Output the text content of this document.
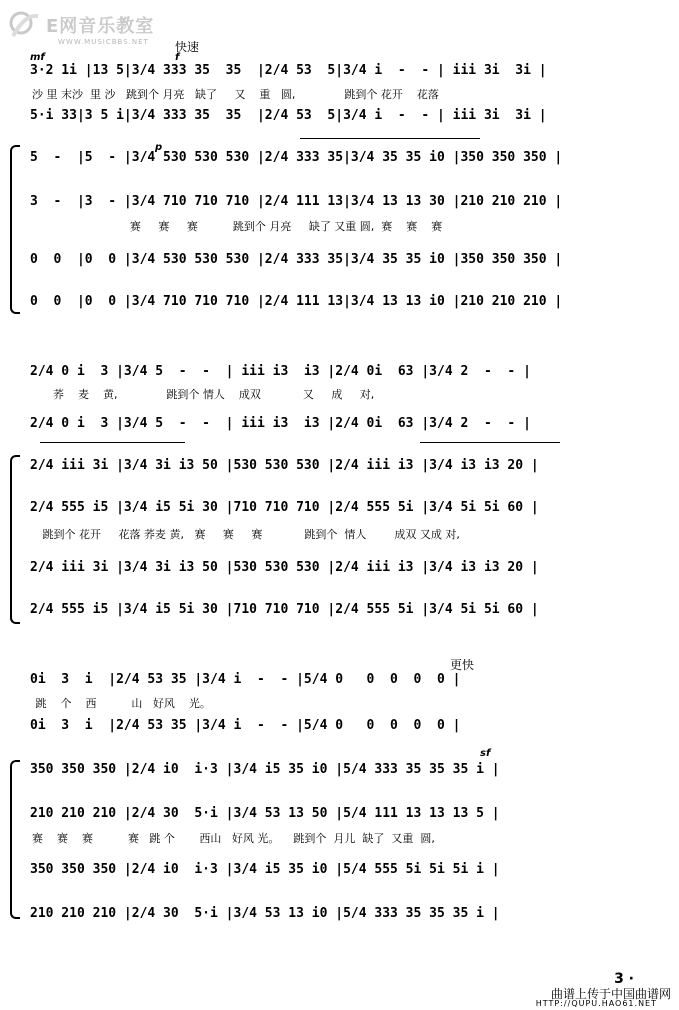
E网音乐教室
WWW.MUSICBBS.NET 快速
更快
3·2 1i |13 5|3/4 333 35  35  |2/4 53  5|3/4 i  -  - | iii 3i  3i |
沙 里 末沙  里 沙   跳到个 月亮   缺了     又    重   圆,              跳到个 花开    花落
5·i 33|3 5 i|3/4 333 35  35  |2/4 53  5|3/4 i  -  - | iii 3i  3i |
5  -  |5  - |3/4 530 530 530 |2/4 333 35|3/4 35 35 i0 |350 350 350 |
3  -  |3  - |3/4 710 710 710 |2/4 111 13|3/4 13 13 30 |210 210 210 |
赛     赛     赛          跳到个 月亮     缺了 又重 圆,  赛    赛    赛
0  0  |0  0 |3/4 530 530 530 |2/4 333 35|3/4 35 35 i0 |350 350 350 |
0  0  |0  0 |3/4 710 710 710 |2/4 111 13|3/4 13 13 i0 |210 210 210 |
2/4 0 i  3 |3/4 5  -  -  | iii i3  i3 |2/4 0i  63 |3/4 2  -  - |
荞    麦    黄,              跳到个 情人    成双            又     成     对,
2/4 0 i  3 |3/4 5  -  -  | iii i3  i3 |2/4 0i  63 |3/4 2  -  - |
2/4 iii 3i |3/4 3i i3 50 |530 530 530 |2/4 iii i3 |3/4 i3 i3 20 |
2/4 555 i5 |3/4 i5 5i 30 |710 710 710 |2/4 555 5i |3/4 5i 5i 60 |
跳到个 花开     花落 荞麦 黄,   赛     赛     赛            跳到个  情人        成双 又成 对,
2/4 iii 3i |3/4 3i i3 50 |530 530 530 |2/4 iii i3 |3/4 i3 i3 20 |
2/4 555 i5 |3/4 i5 5i 30 |710 710 710 |2/4 555 5i |3/4 5i 5i 60 |
0i  3  i  |2/4 53 35 |3/4 i  -  - |5/4 0   0  0  0  0 |
跳    个    西          山   好风    光。
0i  3  i  |2/4 53 35 |3/4 i  -  - |5/4 0   0  0  0  0 |
350 350 350 |2/4 i0  i·3 |3/4 i5 35 i0 |5/4 333 35 35 35 i |
210 210 210 |2/4 30  5·i |3/4 53 13 50 |5/4 111 13 13 13 5 |
赛    赛    赛          赛   跳 个       西山   好风 光。    跳到个  月儿  缺了  又重  圆,
350 350 350 |2/4 i0  i·3 |3/4 i5 35 i0 |5/4 555 5i 5i 5i i |
210 210 210 |2/4 30  5·i |3/4 53 13 i0 |5/4 333 35 35 35 i |
mf	f
p
sf
3 ·
曲谱上传于中国曲谱网
HTTP://QUPU.HAO61.NET
